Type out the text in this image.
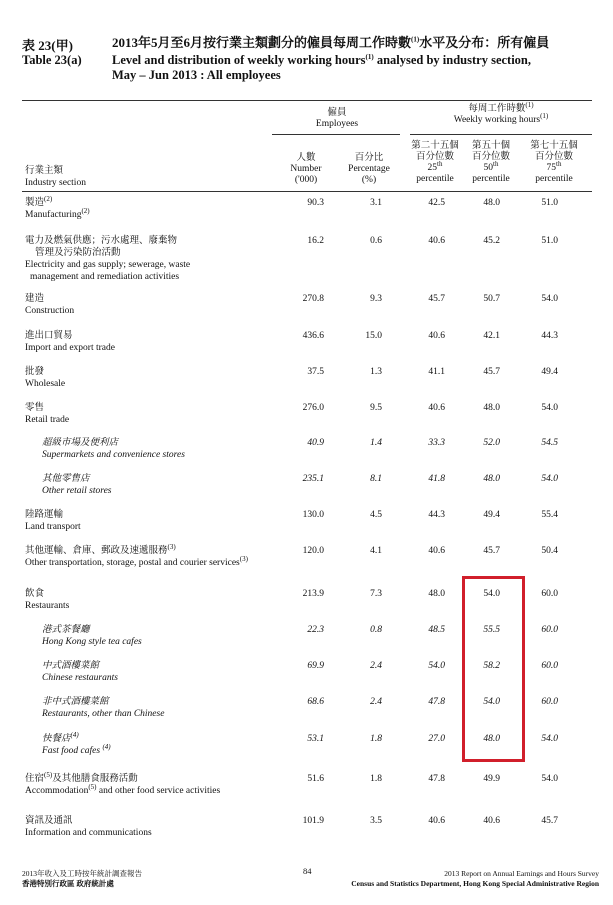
表 23(甲)	2013年5月至6月按行業主類劃分的僱員每周工作時數$^{(1)}$水平及分布：所有僱員
Table 23(a)	Level and distribution of weekly working hours$^{(1)}$ analysed by industry section,
May – Jun 2013 : All employees
僱員
Employees
每周工作時數$^{(1)}$
Weekly working hours$^{(1)}$
行業主類
Industry section
人數
Number
('000)
百分比
Percentage
(%)
第二十五個
百分位數
25th
percentile
第五十個
百分位數
50th
percentile
第七十五個
百分位數
75th
percentile
製造$^{(2)}$
Manufacturing$^{(2)}$
90.3	3.1	42.5	48.0	51.0
電力及燃氣供應；污水處理、廢棄物
管理及污染防治活動
Electricity and gas supply; sewerage, waste
management and remediation activities
16.2	0.6	40.6	45.2	51.0
建造
Construction
270.8	9.3	45.7	50.7	54.0
進出口貿易
Import and export trade
436.6	15.0	40.6	42.1	44.3
批發
Wholesale
37.5	1.3	41.1	45.7	49.4
零售
Retail trade
276.0	9.5	40.6	48.0	54.0
超級市場及便利店
Supermarkets and convenience stores
40.9	1.4	33.3	52.0	54.5
其他零售店
Other retail stores
235.1	8.1	41.8	48.0	54.0
陸路運輸
Land transport
130.0	4.5	44.3	49.4	55.4
其他運輸、倉庫、郵政及速遞服務$^{(3)}$
Other transportation, storage, postal and courier services$^{(3)}$
120.0	4.1	40.6	45.7	50.4
飲食
Restaurants
213.9	7.3	48.0	54.0	60.0
港式茶餐廳
Hong Kong style tea cafes
22.3	0.8	48.5	55.5	60.0
中式酒樓菜館
Chinese restaurants
69.9	2.4	54.0	58.2	60.0
非中式酒樓菜館
Restaurants, other than Chinese
68.6	2.4	47.8	54.0	60.0
快餐店$^{(4)}$
Fast food cafes $^{(4)}$
53.1	1.8	27.0	48.0	54.0
住宿$^{(5)}$及其他膳食服務活動
Accommodation$^{(5)}$ and other food service activities
51.6	1.8	47.8	49.9	54.0
資訊及通訊
Information and communications
101.9	3.5	40.6	40.6	45.7
2013年收入及工時按年統計調查報告
香港特別行政區 政府統計處
84	2013 Report on Annual Earnings and Hours Survey
Census and Statistics Department, Hong Kong Special Administrative Region
